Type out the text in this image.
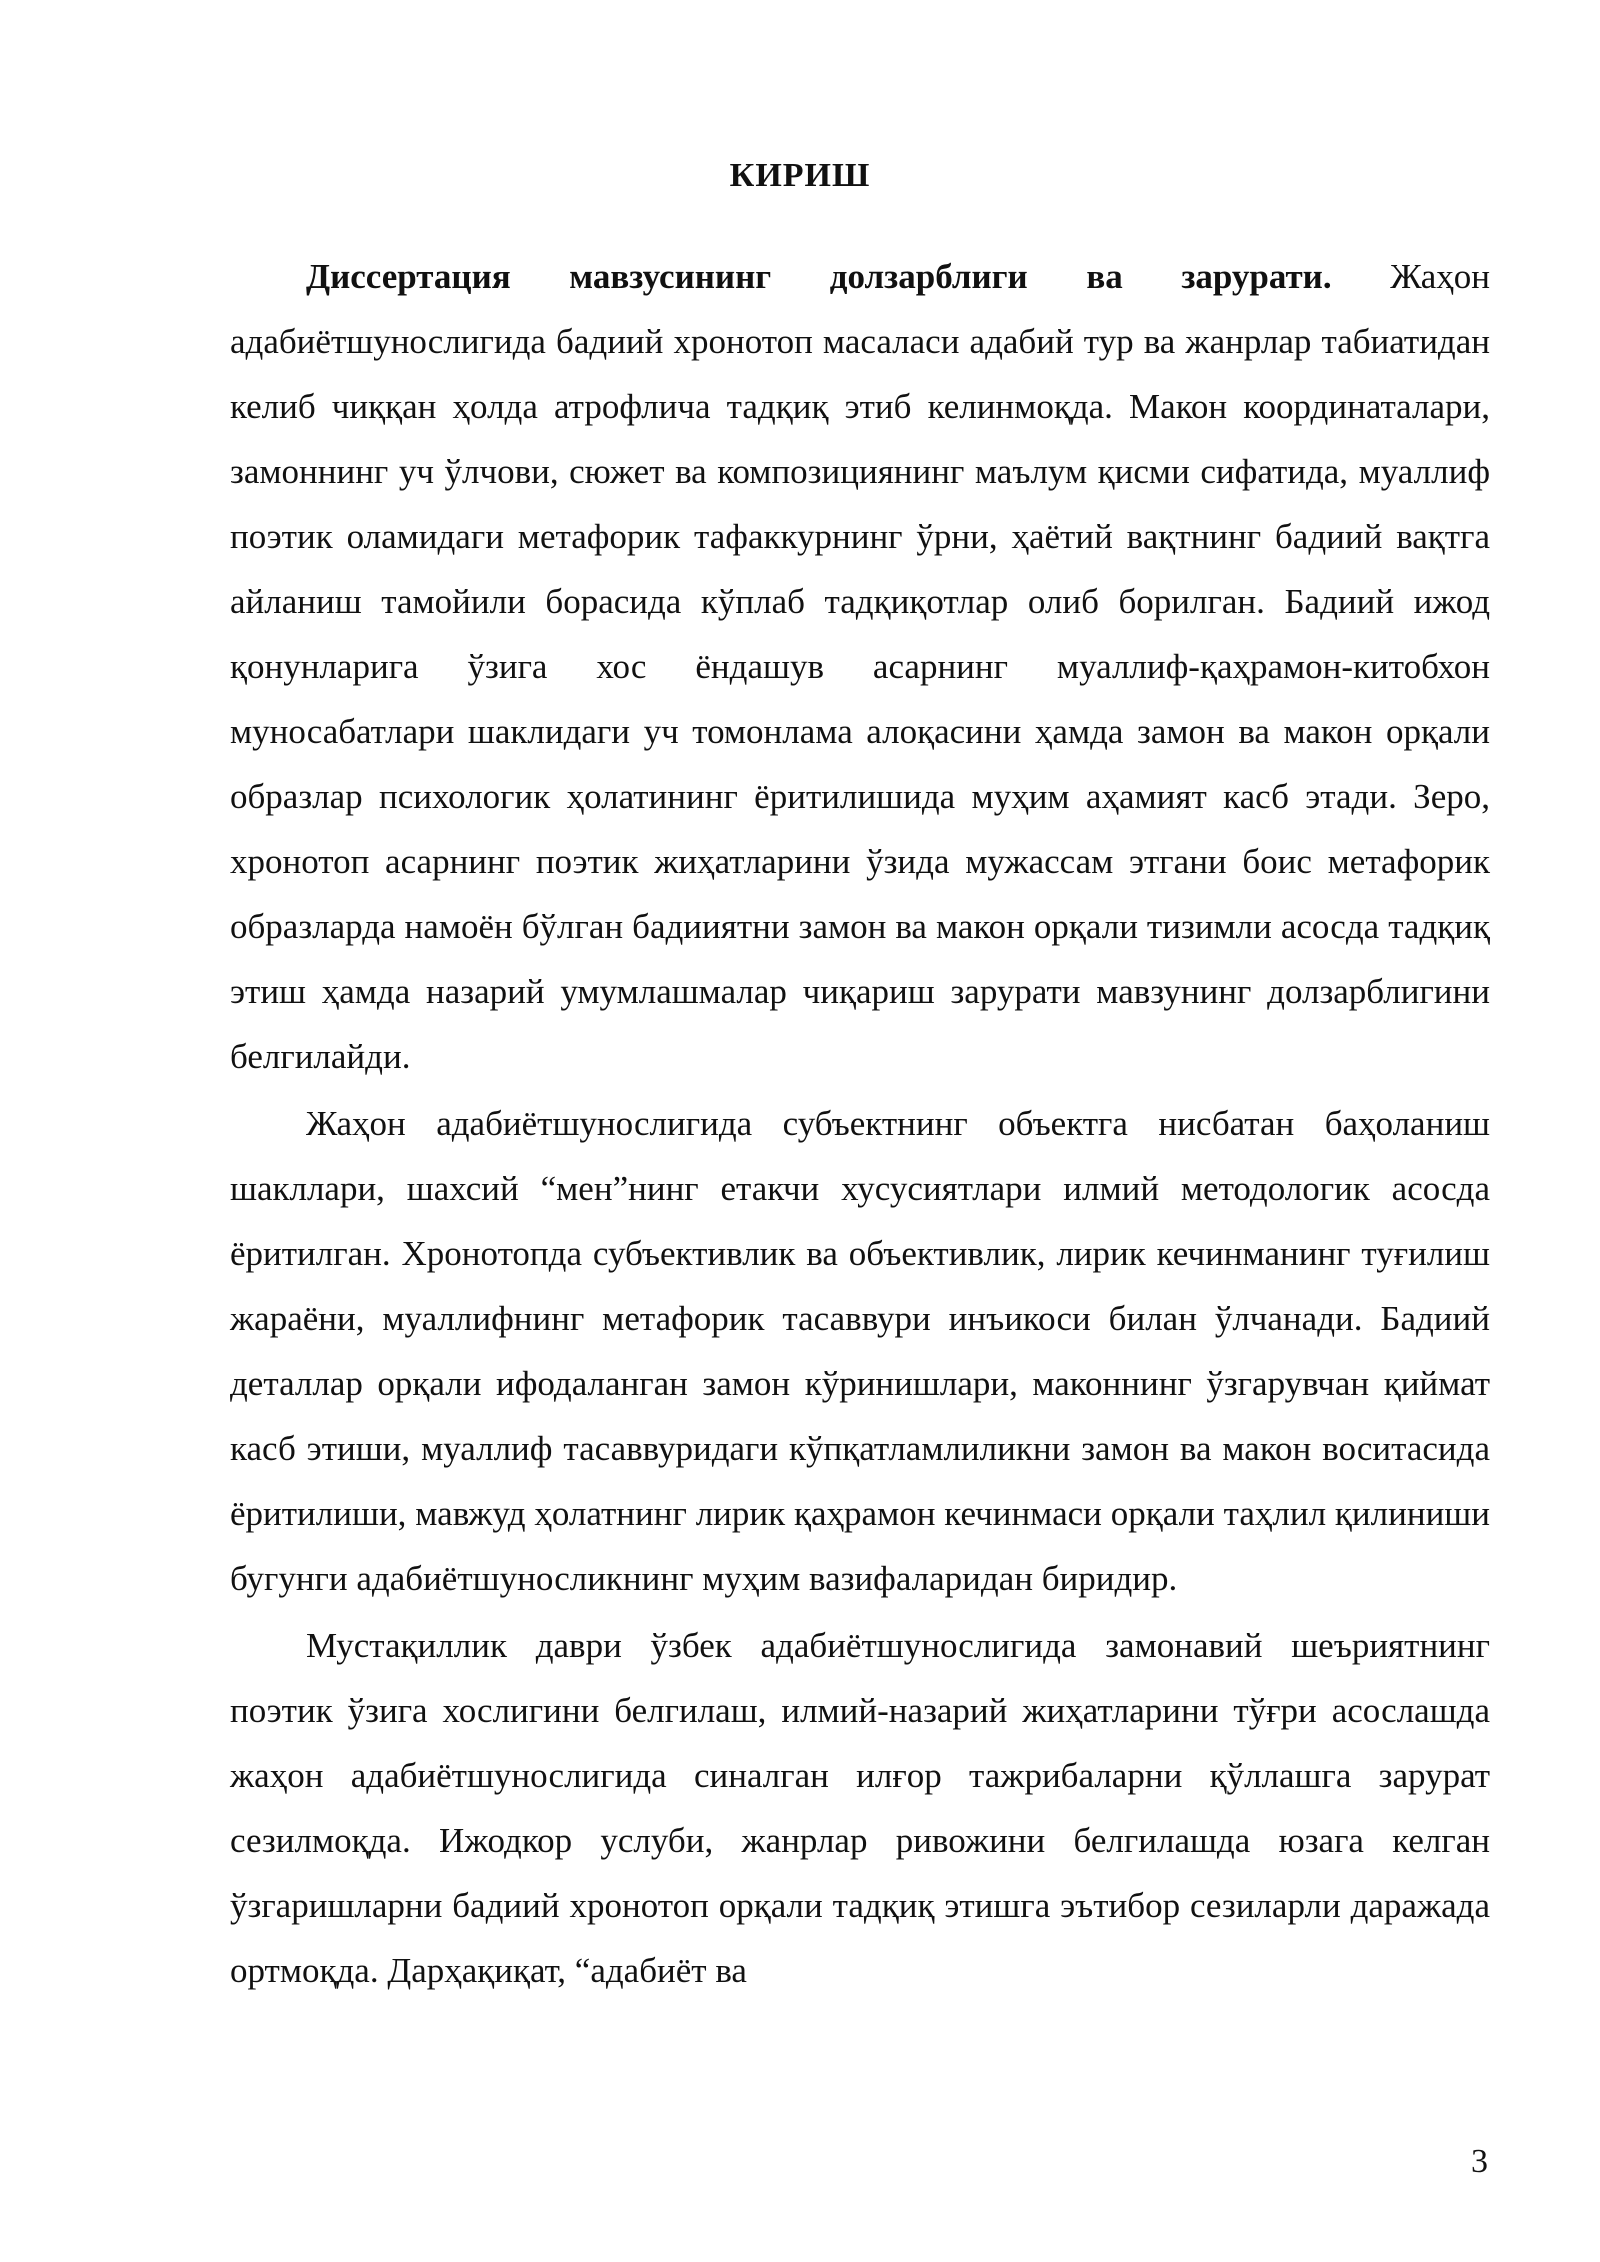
КИРИШ

Диссертация мавзусининг долзарблиги ва зарурати. Жаҳон адабиётшунослигида бадиий хронотоп масаласи адабий тур ва жанрлар табиатидан келиб чиққан ҳолда атрофлича тадқиқ этиб келинмоқда. Макон координаталари, замоннинг уч ўлчови, сюжет ва композициянинг маълум қисми сифатида, муаллиф поэтик оламидаги метафорик тафаккурнинг ўрни, ҳаётий вақтнинг бадиий вақтга айланиш тамойили борасида кўплаб тадқиқотлар олиб борилган. Бадиий ижод қонунларига ўзига хос ёндашув асарнинг муаллиф-қаҳрамон-китобхон муносабатлари шаклидаги уч томонлама алоқасини ҳамда замон ва макон орқали образлар психологик ҳолатининг ёритилишида муҳим аҳамият касб этади. Зеро, хронотоп асарнинг поэтик жиҳатларини ўзида мужассам этгани боис метафорик образларда намоён бўлган бадииятни замон ва макон орқали тизимли асосда тадқиқ этиш ҳамда назарий умумлашмалар чиқариш зарурати мавзунинг долзарблигини белгилайди.

Жаҳон адабиётшунослигида субъектнинг объектга нисбатан баҳоланиш шакллари, шахсий “мен”нинг етакчи хусусиятлари илмий методологик асосда ёритилган. Хронотопда субъективлик ва объективлик, лирик кечинманинг туғилиш жараёни, муаллифнинг метафорик тасаввури инъикоси билан ўлчанади. Бадиий деталлар орқали ифодаланган замон кўринишлари, маконнинг ўзгарувчан қиймат касб этиши, муаллиф тасаввуридаги кўпқатламлиликни замон ва макон воситасида ёритилиши, мавжуд ҳолатнинг лирик қаҳрамон кечинмаси орқали таҳлил қилиниши бугунги адабиётшуносликнинг муҳим вазифаларидан биридир.

Мустақиллик даври ўзбек адабиётшунослигида замонавий шеъриятнинг поэтик ўзига хослигини белгилаш, илмий-назарий жиҳатларини тўғри асослашда жаҳон адабиётшунослигида синалган илғор тажрибаларни қўллашга зарурат сезилмоқда. Ижодкор услуби, жанрлар ривожини белгилашда юзага келган ўзгаришларни бадиий хронотоп орқали тадқиқ этишга эътибор сезиларли даражада ортмоқда. Дарҳақиқат, “адабиёт ва

3
